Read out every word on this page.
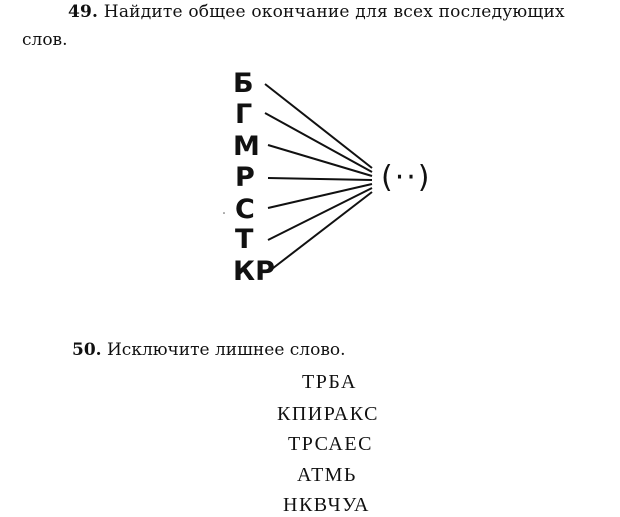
49. Найдите общее окончание для всех последующих
слов.
Б
Г
М
Р
С
Т
КР
(··)
50. Исключите лишнее слово.
ТРБА
КПИРАКС
ТРСАЕС
АТМЬ
НКВЧУА
